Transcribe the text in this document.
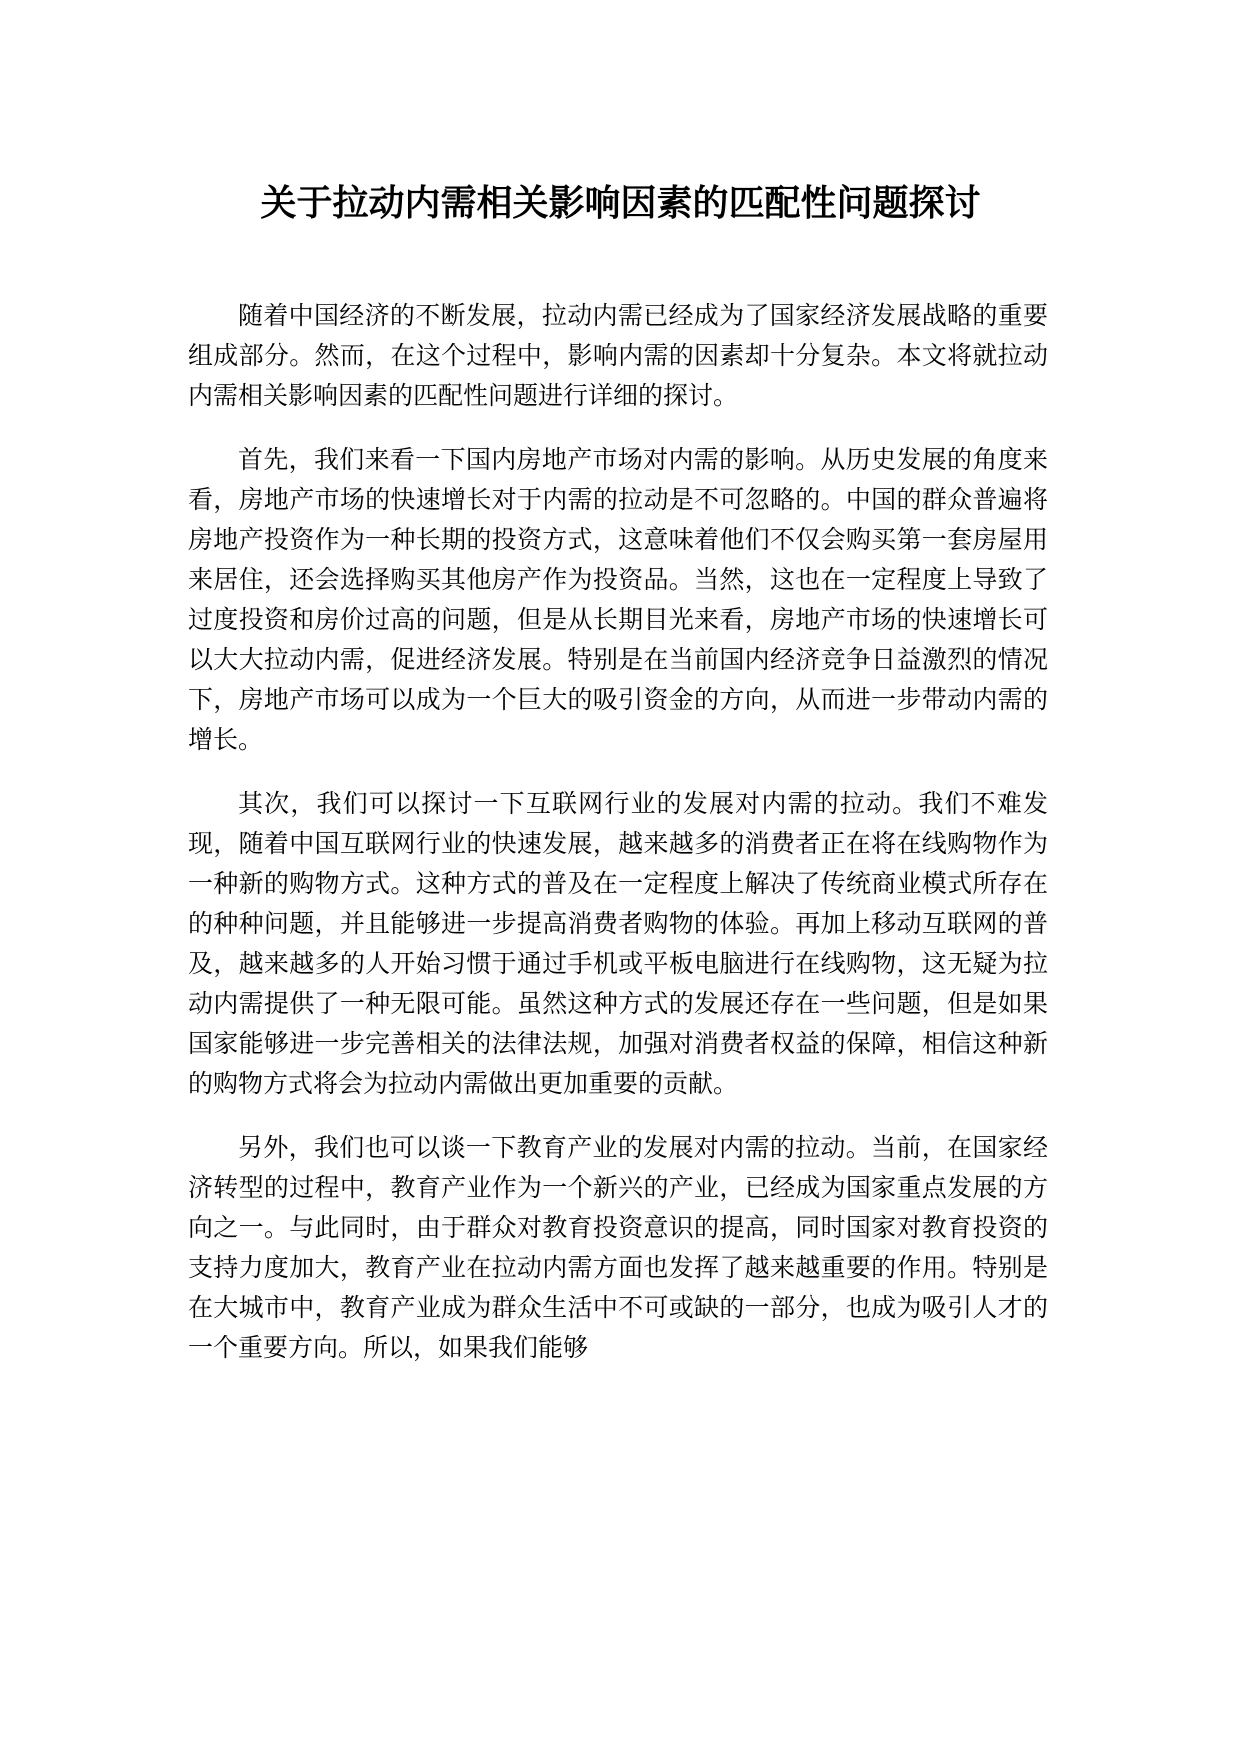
关于拉动内需相关影响因素的匹配性问题探讨

随着中国经济的不断发展，拉动内需已经成为了国家经济发展战略的重要组成部分。然而，在这个过程中，影响内需的因素却十分复杂。本文将就拉动内需相关影响因素的匹配性问题进行详细的探讨。

首先，我们来看一下国内房地产市场对内需的影响。从历史发展的角度来看，房地产市场的快速增长对于内需的拉动是不可忽略的。中国的群众普遍将房地产投资作为一种长期的投资方式，这意味着他们不仅会购买第一套房屋用来居住，还会选择购买其他房产作为投资品。当然，这也在一定程度上导致了过度投资和房价过高的问题，但是从长期目光来看，房地产市场的快速增长可以大大拉动内需，促进经济发展。特别是在当前国内经济竞争日益激烈的情况下，房地产市场可以成为一个巨大的吸引资金的方向，从而进一步带动内需的增长。

其次，我们可以探讨一下互联网行业的发展对内需的拉动。我们不难发现，随着中国互联网行业的快速发展，越来越多的消费者正在将在线购物作为一种新的购物方式。这种方式的普及在一定程度上解决了传统商业模式所存在的种种问题，并且能够进一步提高消费者购物的体验。再加上移动互联网的普及，越来越多的人开始习惯于通过手机或平板电脑进行在线购物，这无疑为拉动内需提供了一种无限可能。虽然这种方式的发展还存在一些问题，但是如果国家能够进一步完善相关的法律法规，加强对消费者权益的保障，相信这种新的购物方式将会为拉动内需做出更加重要的贡献。

另外，我们也可以谈一下教育产业的发展对内需的拉动。当前，在国家经济转型的过程中，教育产业作为一个新兴的产业，已经成为国家重点发展的方向之一。与此同时，由于群众对教育投资意识的提高，同时国家对教育投资的支持力度加大，教育产业在拉动内需方面也发挥了越来越重要的作用。特别是在大城市中，教育产业成为群众生活中不可或缺的一部分，也成为吸引人才的一个重要方向。所以，如果我们能够
